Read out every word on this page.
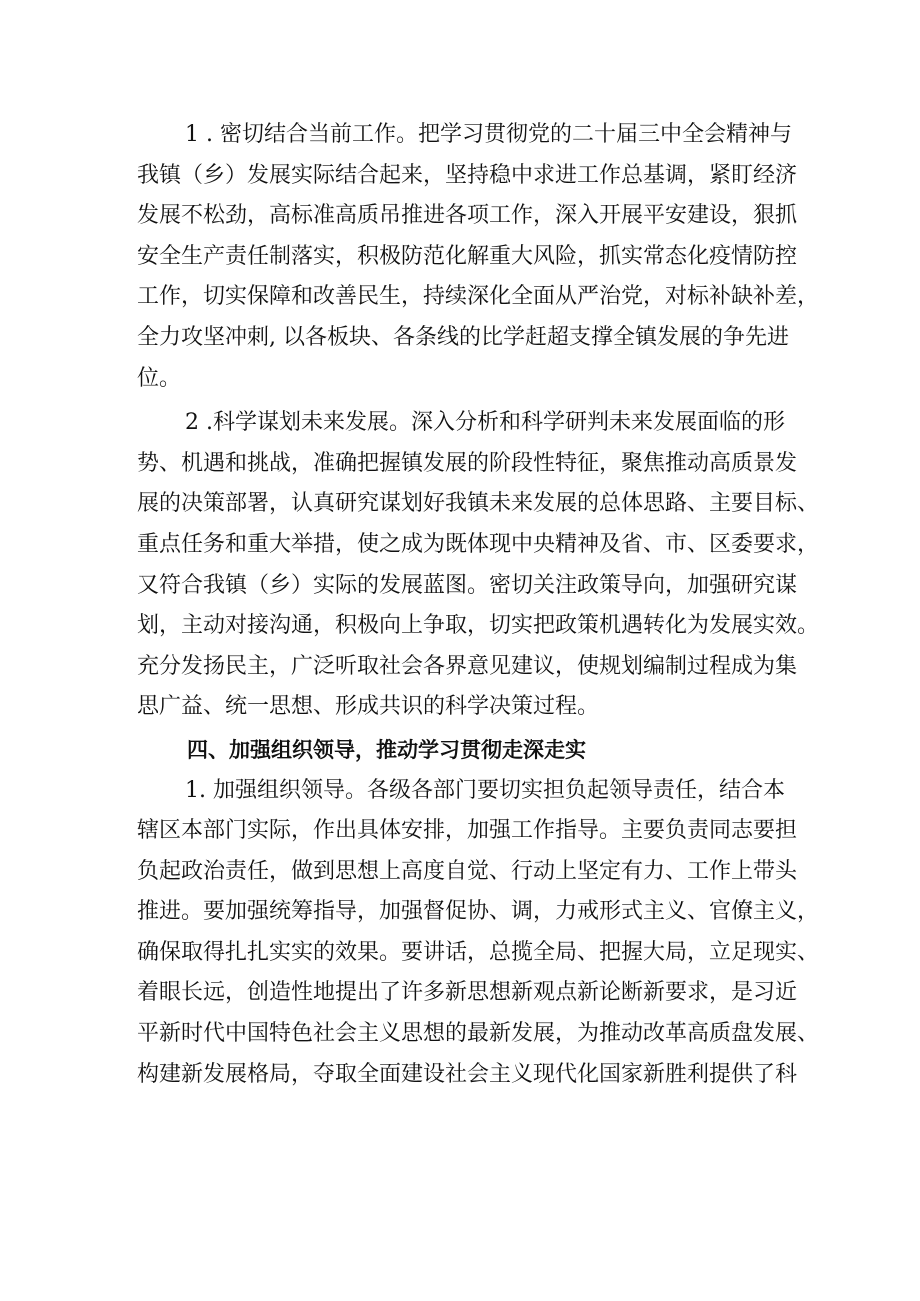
1 . 密切结合当前工作。把学习贯彻党的二十届三中全会精神与
我镇（乡）发展实际结合起来，坚持稳中求进工作总基调，紧盯经济
发展不松劲，高标准高质吊推进各项工作，深入开展平安建设，狠抓
安全生产责任制落实，积极防范化解重大风险，抓实常态化疫情防控
工作，切实保障和改善民生，持续深化全面从严治党，对标补缺补差，
全力攻坚冲刺, 以各板块、各条线的比学赶超支撑全镇发展的争先进
位。
2 .科学谋划未来发展。深入分析和科学研判未来发展面临的形
势、机遇和挑战，准确把握镇发展的阶段性特征，聚焦推动高质景发
展的决策部署，认真研究谋划好我镇未来发展的总体思路、主要目标、
重点任务和重大举措，使之成为既体现中央精神及省、市、区委要求，
又符合我镇（乡）实际的发展蓝图。密切关注政策导向，加强研究谋
划，主动对接沟通，积极向上争取，切实把政策机遇转化为发展实效。
充分发扬民主，广泛听取社会各界意见建议，使规划编制过程成为集
思广益、统一思想、形成共识的科学决策过程。
四、加强组织领导，推动学习贯彻走深走实
1. 加强组织领导。各级各部门要切实担负起领导责任，结合本
辖区本部门实际，作出具体安排，加强工作指导。主要负责同志要担
负起政治责任，做到思想上高度自觉、行动上坚定有力、工作上带头
推进。要加强统筹指导，加强督促协、调，力戒形式主义、官僚主义，
确保取得扎扎实实的效果。要讲话，总揽全局、把握大局，立足现实、
着眼长远，创造性地提出了许多新思想新观点新论断新要求，是习近
平新时代中国特色社会主义思想的最新发展，为推动改革高质盘发展、
构建新发展格局，夺取全面建设社会主义现代化国家新胜利提供了科
